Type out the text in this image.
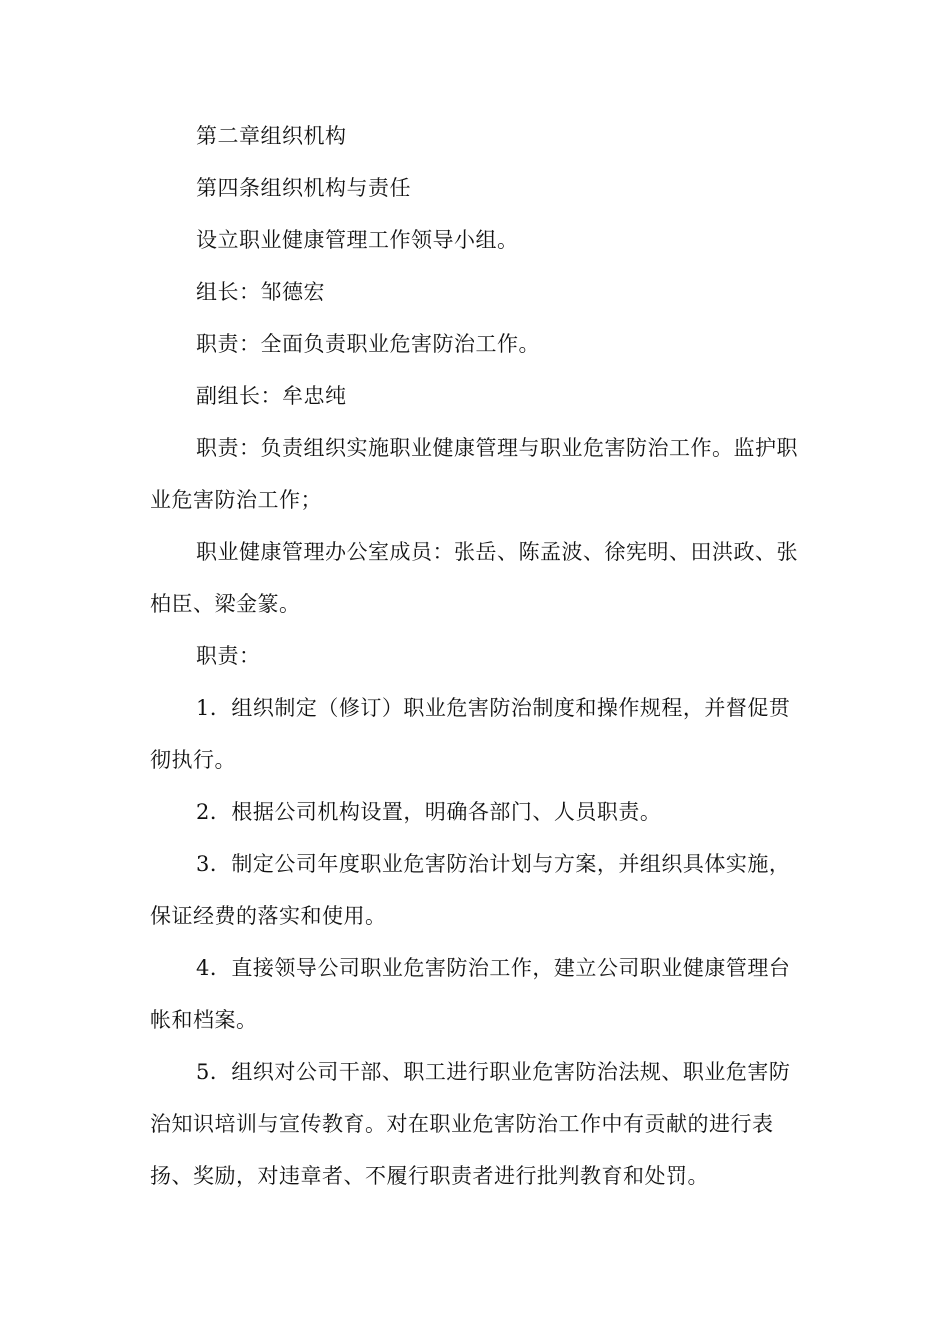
第二章组织机构

第四条组织机构与责任

设立职业健康管理工作领导小组。

组长：邹德宏

职责：全面负责职业危害防治工作。

副组长：牟忠纯

职责：负责组织实施职业健康管理与职业危害防治工作。监护职业危害防治工作；

职业健康管理办公室成员：张岳、陈孟波、徐宪明、田洪政、张柏臣、梁金篆。

职责：

1．组织制定（修订）职业危害防治制度和操作规程，并督促贯彻执行。

2．根据公司机构设置，明确各部门、人员职责。

3．制定公司年度职业危害防治计划与方案，并组织具体实施，保证经费的落实和使用。

4．直接领导公司职业危害防治工作，建立公司职业健康管理台帐和档案。

5．组织对公司干部、职工进行职业危害防治法规、职业危害防治知识培训与宣传教育。对在职业危害防治工作中有贡献的进行表扬、奖励，对违章者、不履行职责者进行批判教育和处罚。
